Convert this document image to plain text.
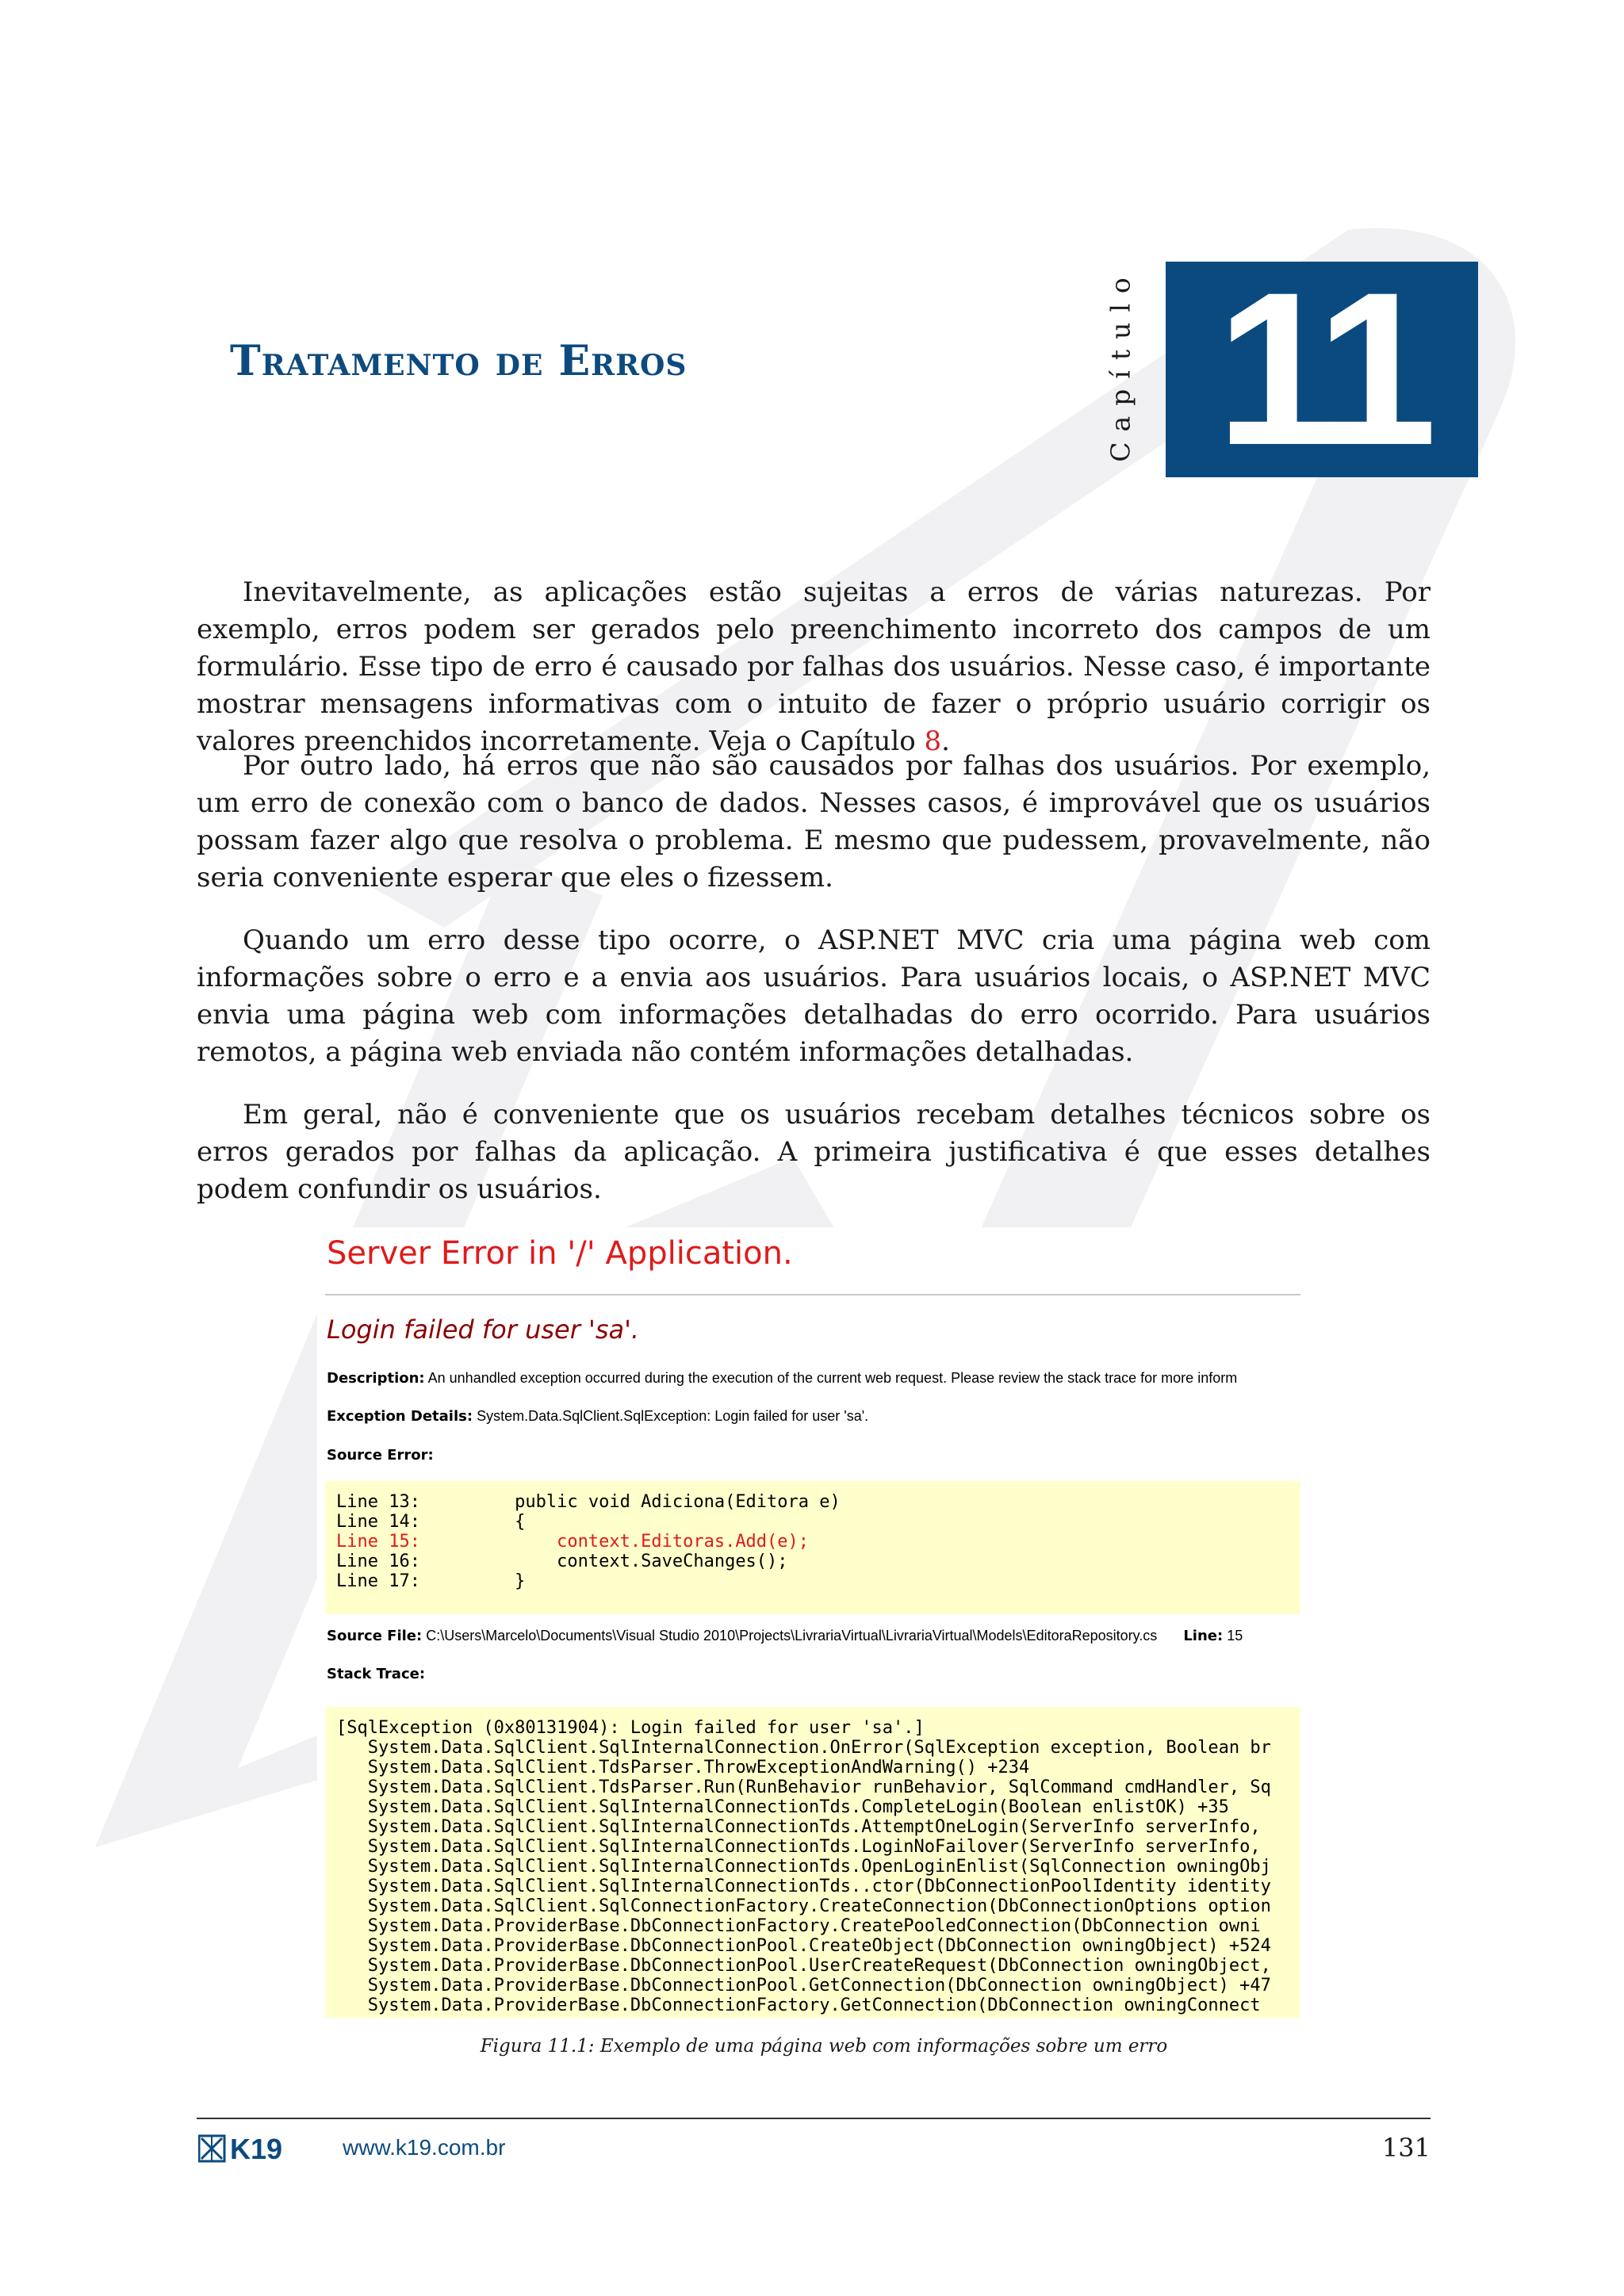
Tratamento de Erros	Capítulo 11

Inevitavelmente, as aplicações estão sujeitas a erros de várias naturezas. Por exemplo, erros podem ser gerados pelo preenchimento incorreto dos campos de um formulário. Esse tipo de erro é causado por falhas dos usuários. Nesse caso, é importante mostrar mensagens informativas com o intuito de fazer o próprio usuário corrigir os valores preenchidos incorretamente. Veja o Capítulo 8.

Por outro lado, há erros que não são causados por falhas dos usuários. Por exemplo, um erro de conexão com o banco de dados. Nesses casos, é improvável que os usuários possam fazer algo que resolva o problema. E mesmo que pudessem, provavelmente, não seria conveniente esperar que eles o fizessem.

Quando um erro desse tipo ocorre, o ASP.NET MVC cria uma página web com informações sobre o erro e a envia aos usuários. Para usuários locais, o ASP.NET MVC envia uma página web com informações detalhadas do erro ocorrido. Para usuários remotos, a página web enviada não contém informações detalhadas.

Em geral, não é conveniente que os usuários recebam detalhes técnicos sobre os erros gerados por falhas da aplicação. A primeira justificativa é que esses detalhes podem confundir os usuários.

Server Error in '/' Application.
Login failed for user 'sa'.
Description: An unhandled exception occurred during the execution of the current web request. Please review the stack trace for more inform
Exception Details: System.Data.SqlClient.SqlException: Login failed for user 'sa'.
Source Error:

Line 13:         public void Adiciona(Editora e)

Line 14:         {

Line 15:             context.Editoras.Add(e);

Line 16:             context.SaveChanges();

Line 17:         }

Source File: C:\Users\Marcelo\Documents\Visual Studio 2010\Projects\LivrariaVirtual\LivrariaVirtual\Models\EditoraRepository.cs Line: 15
Stack Trace:

[SqlException (0x80131904): Login failed for user 'sa'.]

System.Data.SqlClient.SqlInternalConnection.OnError(SqlException exception, Boolean br

System.Data.SqlClient.TdsParser.ThrowExceptionAndWarning() +234

System.Data.SqlClient.TdsParser.Run(RunBehavior runBehavior, SqlCommand cmdHandler, Sq

System.Data.SqlClient.SqlInternalConnectionTds.CompleteLogin(Boolean enlistOK) +35

System.Data.SqlClient.SqlInternalConnectionTds.AttemptOneLogin(ServerInfo serverInfo,

System.Data.SqlClient.SqlInternalConnectionTds.LoginNoFailover(ServerInfo serverInfo,

System.Data.SqlClient.SqlInternalConnectionTds.OpenLoginEnlist(SqlConnection owningObj

System.Data.SqlClient.SqlInternalConnectionTds..ctor(DbConnectionPoolIdentity identity

System.Data.SqlClient.SqlConnectionFactory.CreateConnection(DbConnectionOptions option

System.Data.ProviderBase.DbConnectionFactory.CreatePooledConnection(DbConnection owni

System.Data.ProviderBase.DbConnectionPool.CreateObject(DbConnection owningObject) +524

System.Data.ProviderBase.DbConnectionPool.UserCreateRequest(DbConnection owningObject,

System.Data.ProviderBase.DbConnectionPool.GetConnection(DbConnection owningObject) +47

System.Data.ProviderBase.DbConnectionFactory.GetConnection(DbConnection owningConnect

Figura 11.1: Exemplo de uma página web com informações sobre um erro
K19	www.k19.com.br	131
